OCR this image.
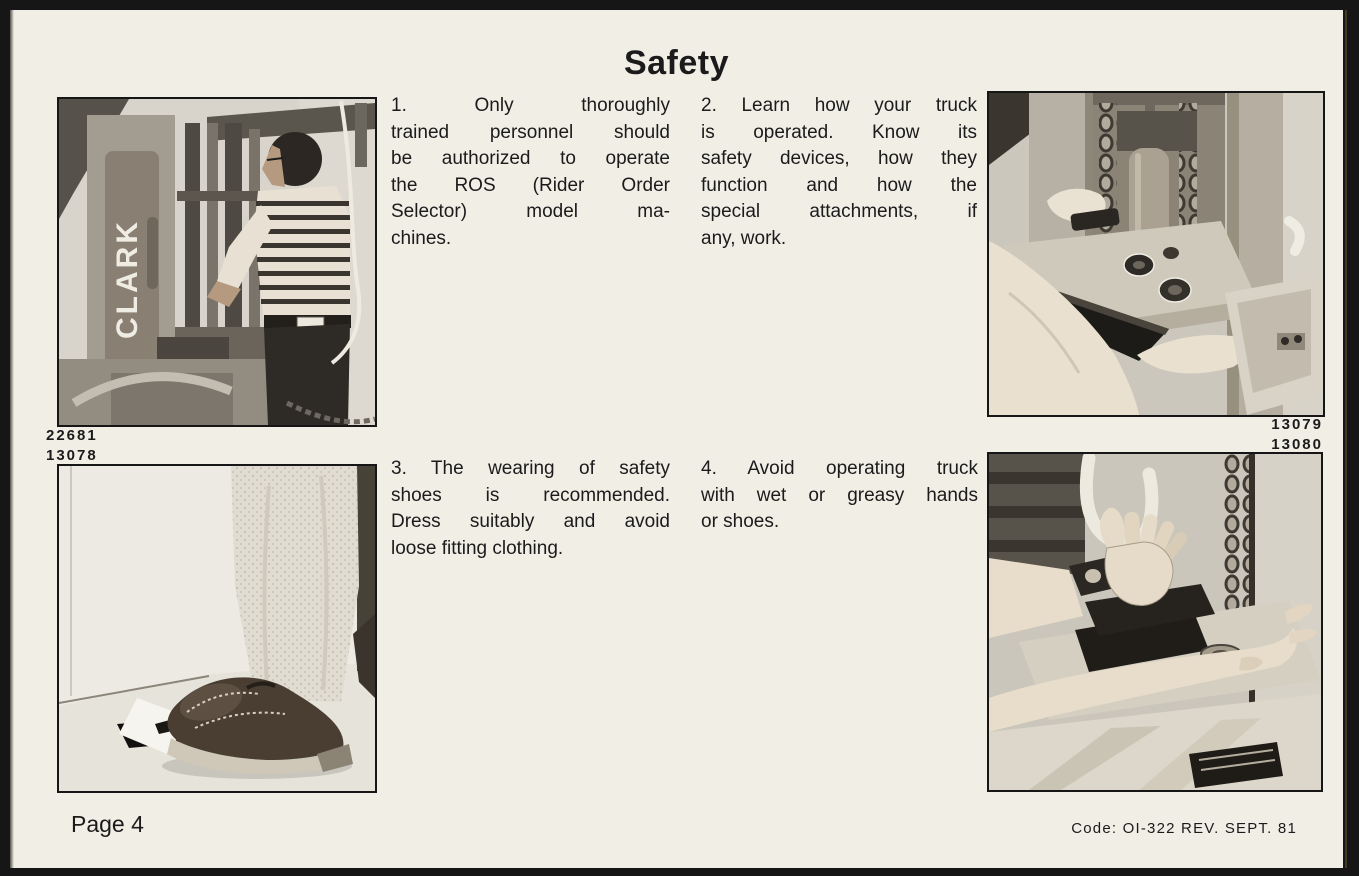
Safety
CLARK
22681
13078
13079
13080
1. Only thoroughly
trained personnel should
be authorized to operate
the ROS (Rider Order
Selector) model ma-
chines.
2. Learn how your truck
is operated. Know its
safety devices, how they
function and how the
special attachments, if
any, work.
3. The wearing of safety
shoes is recommended.
Dress suitably and avoid
loose fitting clothing.
4. Avoid operating truck
with wet or greasy hands
or shoes.
Page 4	Code: OI-322 REV. SEPT. 81
